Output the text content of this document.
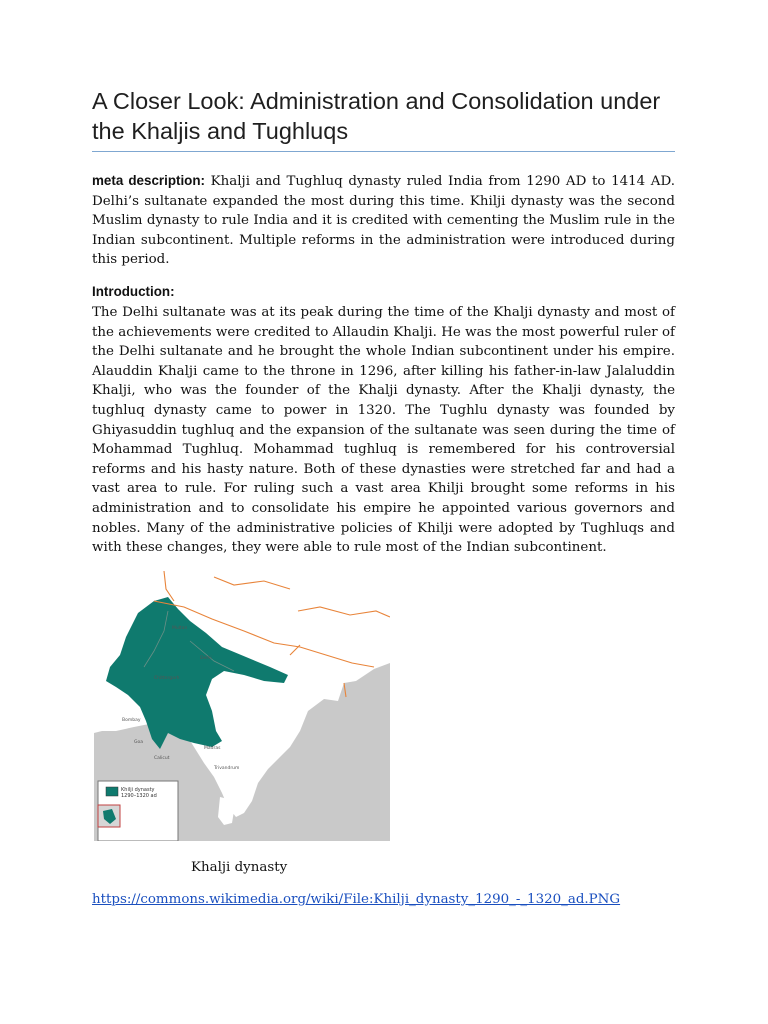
A Closer Look: Administration and Consolidation under the Khaljis and Tughluqs

meta description: Khalji and Tughluq dynasty ruled India from 1290 AD to 1414 AD. Delhi’s sultanate expanded the most during this time. Khilji dynasty was the second Muslim dynasty to rule India and it is credited with cementing the Muslim rule in the Indian subcontinent. Multiple reforms in the administration were introduced during this period.

Introduction:

The Delhi sultanate was at its peak during the time of the Khalji dynasty and most of the achievements were credited to Allaudin Khalji. He was the most powerful ruler of the Delhi sultanate and he brought the whole Indian subcontinent under his empire. Alauddin Khalji came to the throne in 1296, after killing his father-in-law Jalaluddin Khalji, who was the founder of the Khalji dynasty. After the Khalji dynasty, the tughluq dynasty came to power in 1320. The Tughlu dynasty was founded by Ghiyasuddin tughluq and the expansion of the sultanate was seen during the time of Mohammad Tughluq. Mohammad tughluq is remembered for his controversial reforms and his hasty nature. Both of these dynasties were stretched far and had a vast area to rule. For ruling such a vast area Khilji brought some reforms in his administration and to consolidate his empire he appointed various governors and nobles. Many of the administrative policies of Khilji were adopted by Tughluqs and with these changes, they were able to rule most of the Indian subcontinent.

Multan
Delhi
Chittorgarh
Bombay
Goa
Madras
Calicut
Trivandrum
Khilji dynasty
1290–1320 ad

Khalji dynasty

https://commons.wikimedia.org/wiki/File:Khilji_dynasty_1290_-_1320_ad.PNG
